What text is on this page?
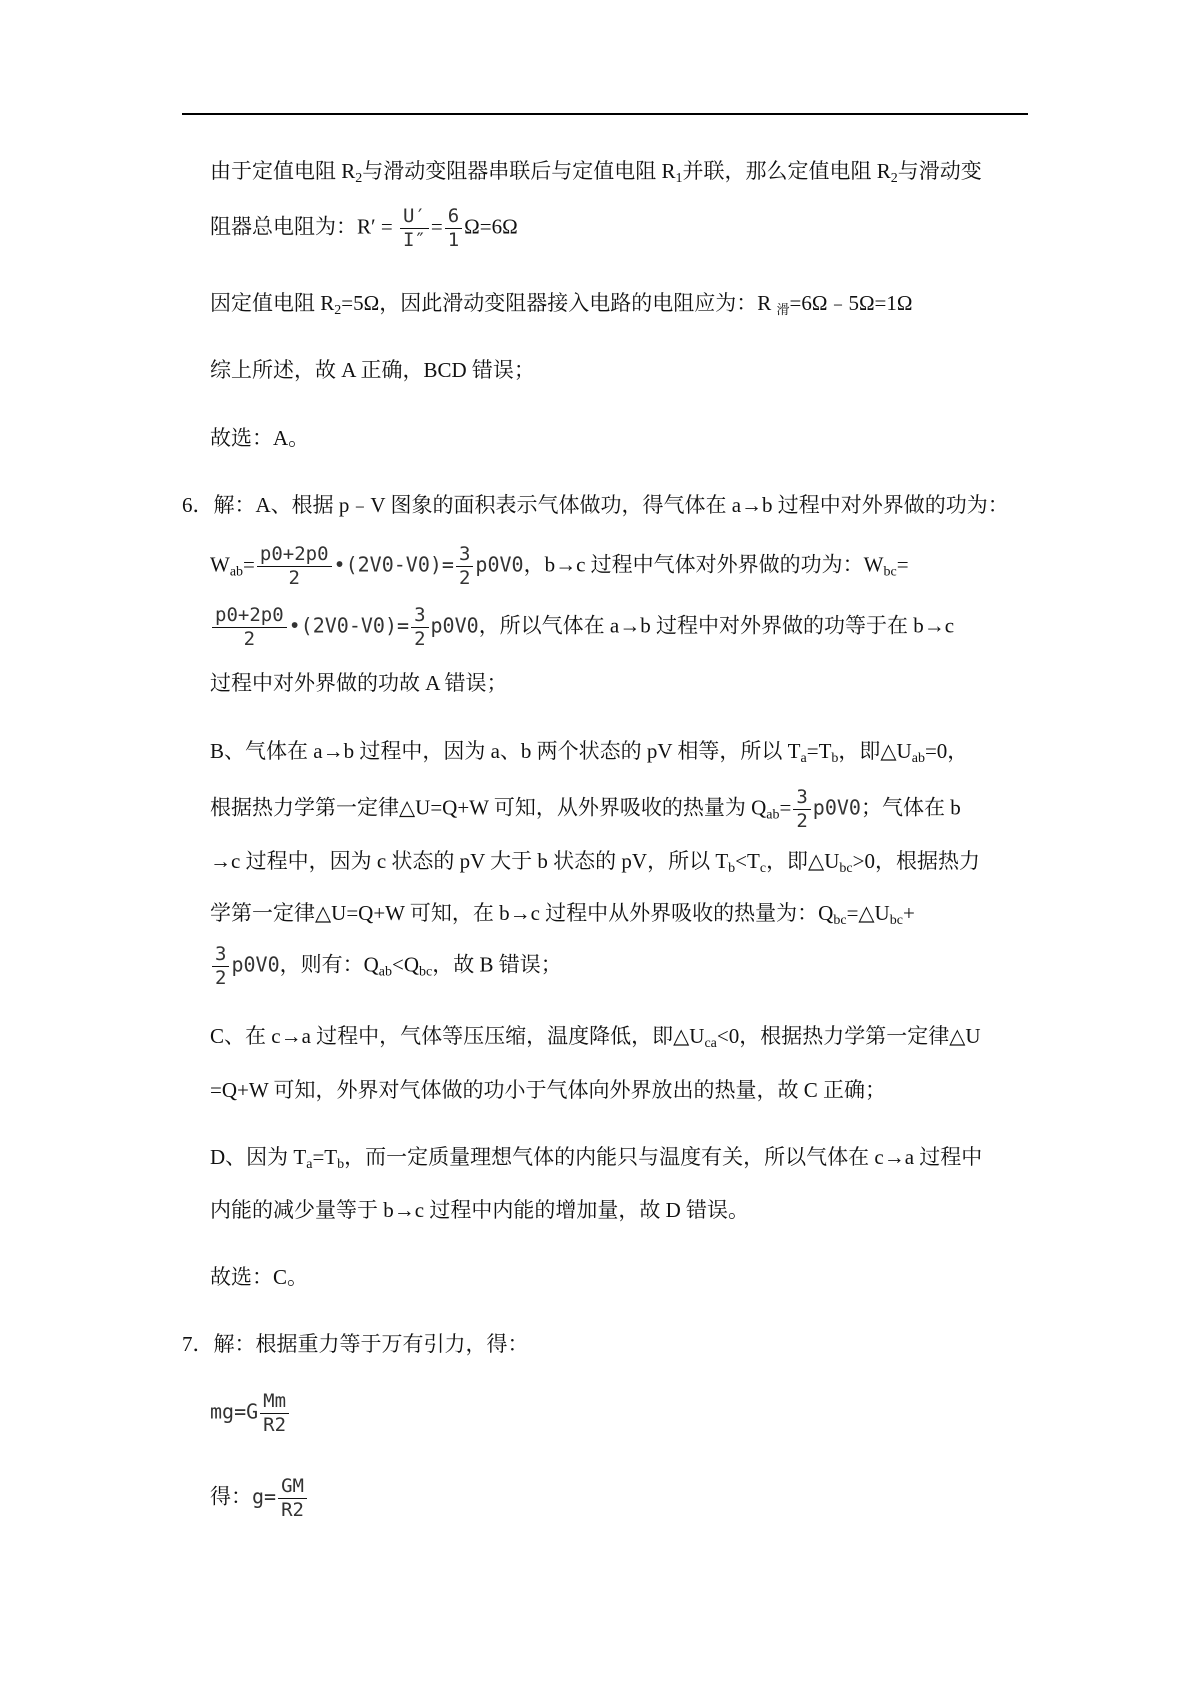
由于定值电阻 $R_2$与滑动变阻器串联后与定值电阻 $R_1$并联，那么定值电阻 $R_2$与滑动变
阻器总电阻为：$R' = \frac{U'}{I''} = \frac{6}{1} \Omega=6\Omega$
因定值电阻 $R_2=5\Omega$，因此滑动变阻器接入电路的电阻应为：R $_滑$=6Ω﹣5Ω=1Ω
综上所述，故 A 正确，BCD 错误；
故选：A。
6．解：A、根据 p﹣V 图象的面积表示气体做功，得气体在 a→b 过程中对外界做的功为：
$W_{ab}= \frac{p0+2p0}{2}$ •(2V0-V0)= $\frac{3}{2} p0V0$，b→c 过程中气体对外界做的功为：$W_{bc}=$
$\frac{p0+2p0}{2}$ •(2V0-V0)= $\frac{3}{2} p0V0$，所以气体在 a→b 过程中对外界做的功等于在 b→c
过程中对外界做的功故 A 错误；
B、气体在 a→b 过程中，因为 a、b 两个状态的 pV 相等，所以 $T_a=T_b$，即$\triangle U_{ab}=0$，
根据热力学第一定律△U=Q+W 可知，从外界吸收的热量为 $Q_{ab}= \frac{3}{2} p0V0$；气体在 b
→c 过程中，因为 c 状态的 pV 大于 b 状态的 pV，所以 $T_b<T_c$，即$\triangle U_{bc}>0$，根据热力
学第一定律△U=Q+W 可知，在 b→c 过程中从外界吸收的热量为：$Q_{bc}=\triangle U_{bc}+$
$\frac{3}{2} p0V0$，则有：$Q_{ab}<Q_{bc}$，故 B 错误；
C、在 c→a 过程中，气体等压压缩，温度降低，即$\triangle U_{ca}<0$，根据热力学第一定律△U
=Q+W 可知，外界对气体做的功小于气体向外界放出的热量，故 C 正确；
D、因为 $T_a=T_b$，而一定质量理想气体的内能只与温度有关，所以气体在 c→a 过程中
内能的减少量等于 b→c 过程中内能的增加量，故 D 错误。
故选：C。
7．解：根据重力等于万有引力，得：
$mg=G \frac{Mm}{R2}$
得：$g= \frac{GM}{R2}$
